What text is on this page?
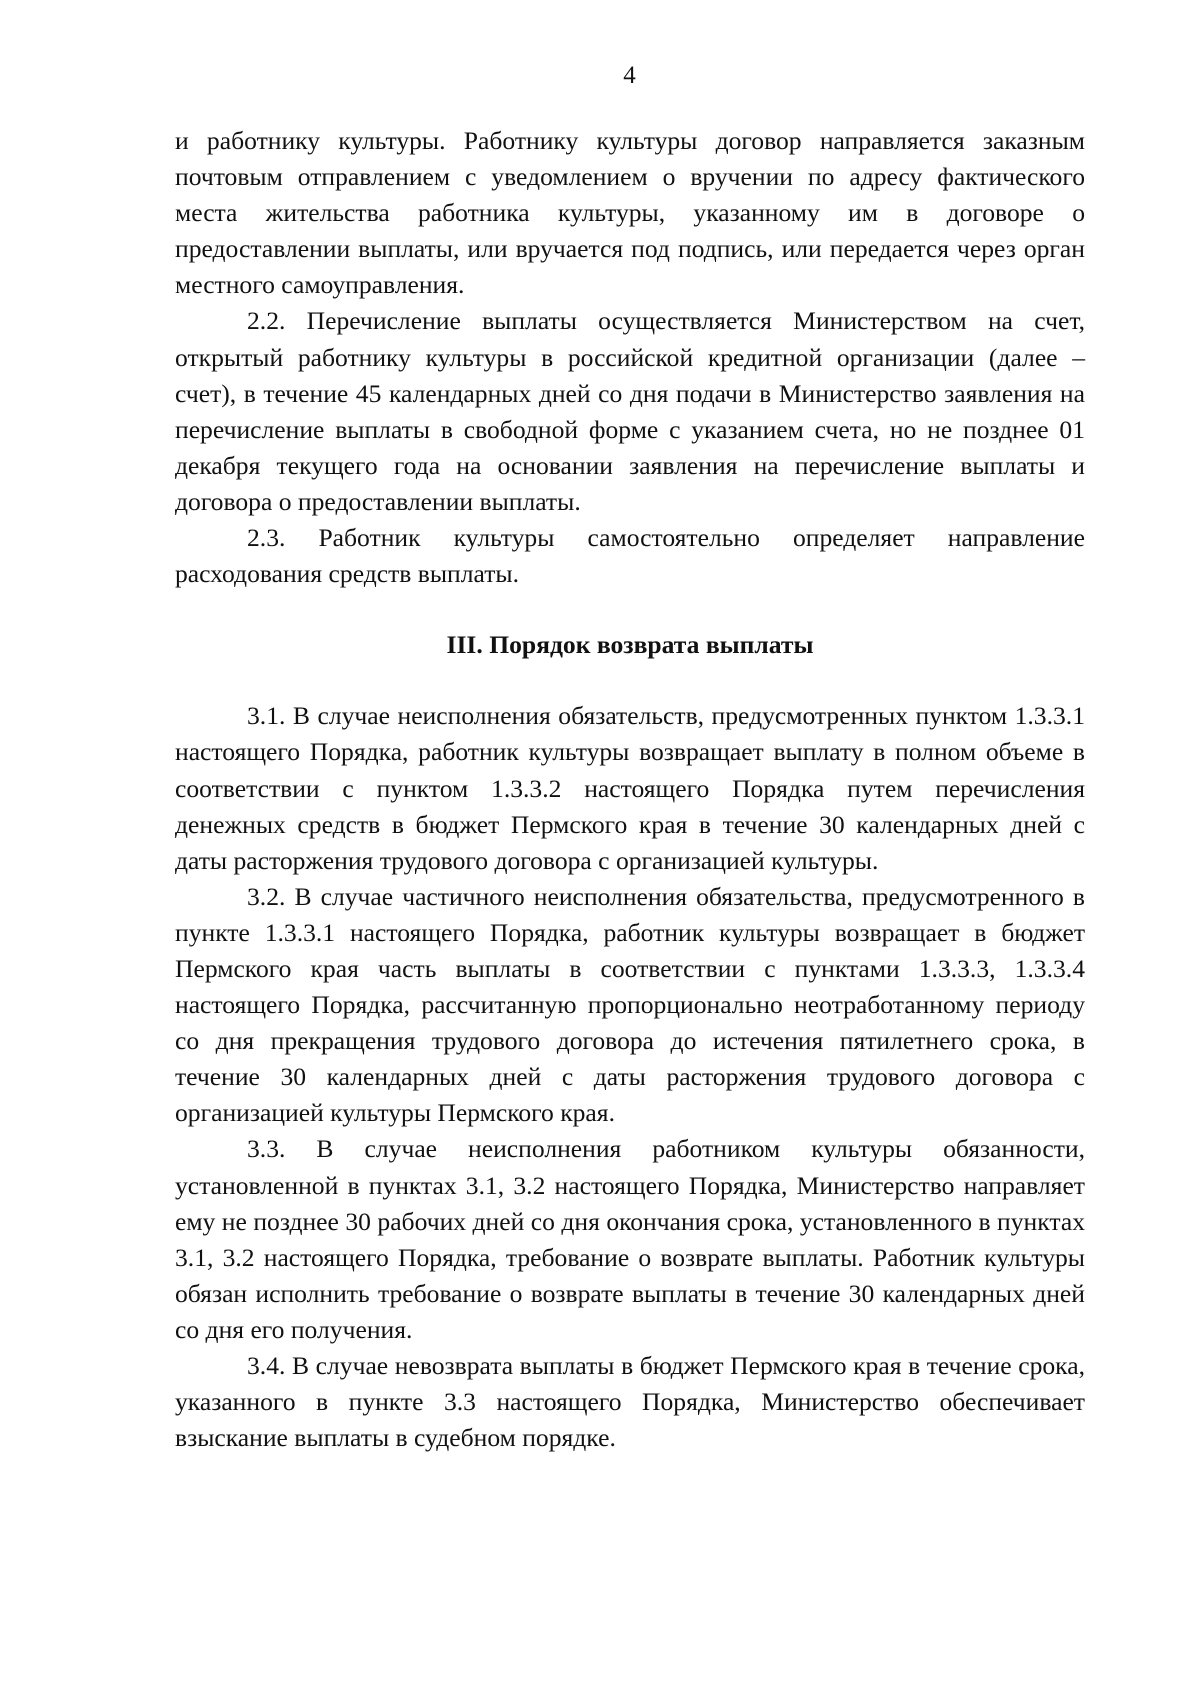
4

и работнику культуры. Работнику культуры договор направляется заказным почтовым отправлением с уведомлением о вручении по адресу фактического места жительства работника культуры, указанному им в договоре о предоставлении выплаты, или вручается под подпись, или передается через орган местного самоуправления.

2.2. Перечисление выплаты осуществляется Министерством на счет, открытый работнику культуры в российской кредитной организации (далее – счет), в течение 45 календарных дней со дня подачи в Министерство заявления на перечисление выплаты в свободной форме с указанием счета, но не позднее 01 декабря текущего года на основании заявления на перечисление выплаты и договора о предоставлении выплаты.

2.3. Работник культуры самостоятельно определяет направление расходования средств выплаты.

III. Порядок возврата выплаты

3.1. В случае неисполнения обязательств, предусмотренных пунктом 1.3.3.1 настоящего Порядка, работник культуры возвращает выплату в полном объеме в соответствии с пунктом 1.3.3.2 настоящего Порядка путем перечисления денежных средств в бюджет Пермского края в течение 30 календарных дней с даты расторжения трудового договора с организацией культуры.

3.2. В случае частичного неисполнения обязательства, предусмотренного в пункте 1.3.3.1 настоящего Порядка, работник культуры возвращает в бюджет Пермского края часть выплаты в соответствии с пунктами 1.3.3.3, 1.3.3.4 настоящего Порядка, рассчитанную пропорционально неотработанному периоду со дня прекращения трудового договора до истечения пятилетнего срока, в течение 30 календарных дней с даты расторжения трудового договора с организацией культуры Пермского края.

3.3. В случае неисполнения работником культуры обязанности, установленной в пунктах 3.1, 3.2 настоящего Порядка, Министерство направляет ему не позднее 30 рабочих дней со дня окончания срока, установленного в пунктах 3.1, 3.2 настоящего Порядка, требование о возврате выплаты. Работник культуры обязан исполнить требование о возврате выплаты в течение 30 календарных дней со дня его получения.

3.4. В случае невозврата выплаты в бюджет Пермского края в течение срока, указанного в пункте 3.3 настоящего Порядка, Министерство обеспечивает взыскание выплаты в судебном порядке.
